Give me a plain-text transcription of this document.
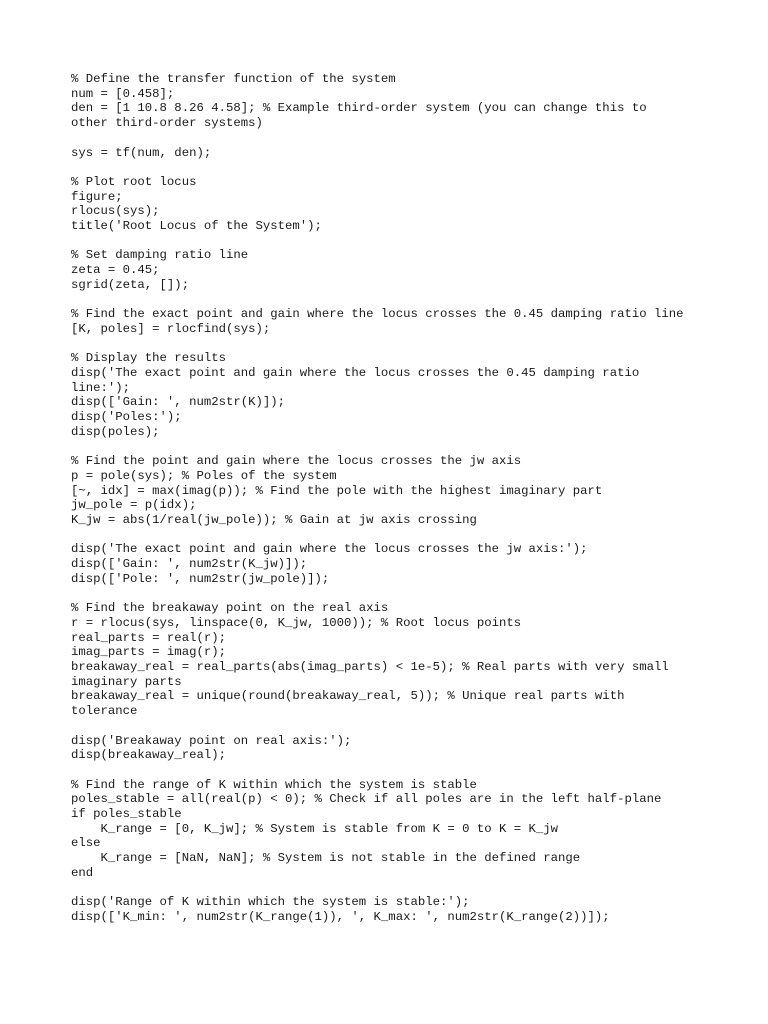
% Define the transfer function of the system
num = [0.458];
den = [1 10.8 8.26 4.58]; % Example third-order system (you can change this to
other third-order systems)
sys = tf(num, den);
% Plot root locus
figure;
rlocus(sys);
title('Root Locus of the System');
% Set damping ratio line
zeta = 0.45;
sgrid(zeta, []);
% Find the exact point and gain where the locus crosses the 0.45 damping ratio line
[K, poles] = rlocfind(sys);
% Display the results
disp('The exact point and gain where the locus crosses the 0.45 damping ratio
line:');
disp(['Gain: ', num2str(K)]);
disp('Poles:');
disp(poles);
% Find the point and gain where the locus crosses the jw axis
p = pole(sys); % Poles of the system
[~, idx] = max(imag(p)); % Find the pole with the highest imaginary part
jw_pole = p(idx);
K_jw = abs(1/real(jw_pole)); % Gain at jw axis crossing
disp('The exact point and gain where the locus crosses the jw axis:');
disp(['Gain: ', num2str(K_jw)]);
disp(['Pole: ', num2str(jw_pole)]);
% Find the breakaway point on the real axis
r = rlocus(sys, linspace(0, K_jw, 1000)); % Root locus points
real_parts = real(r);
imag_parts = imag(r);
breakaway_real = real_parts(abs(imag_parts) < 1e-5); % Real parts with very small
imaginary parts
breakaway_real = unique(round(breakaway_real, 5)); % Unique real parts with
tolerance
disp('Breakaway point on real axis:');
disp(breakaway_real);
% Find the range of K within which the system is stable
poles_stable = all(real(p) < 0); % Check if all poles are in the left half-plane
if poles_stable
K_range = [0, K_jw]; % System is stable from K = 0 to K = K_jw
else
K_range = [NaN, NaN]; % System is not stable in the defined range
end
disp('Range of K within which the system is stable:');
disp(['K_min: ', num2str(K_range(1)), ', K_max: ', num2str(K_range(2))]);
